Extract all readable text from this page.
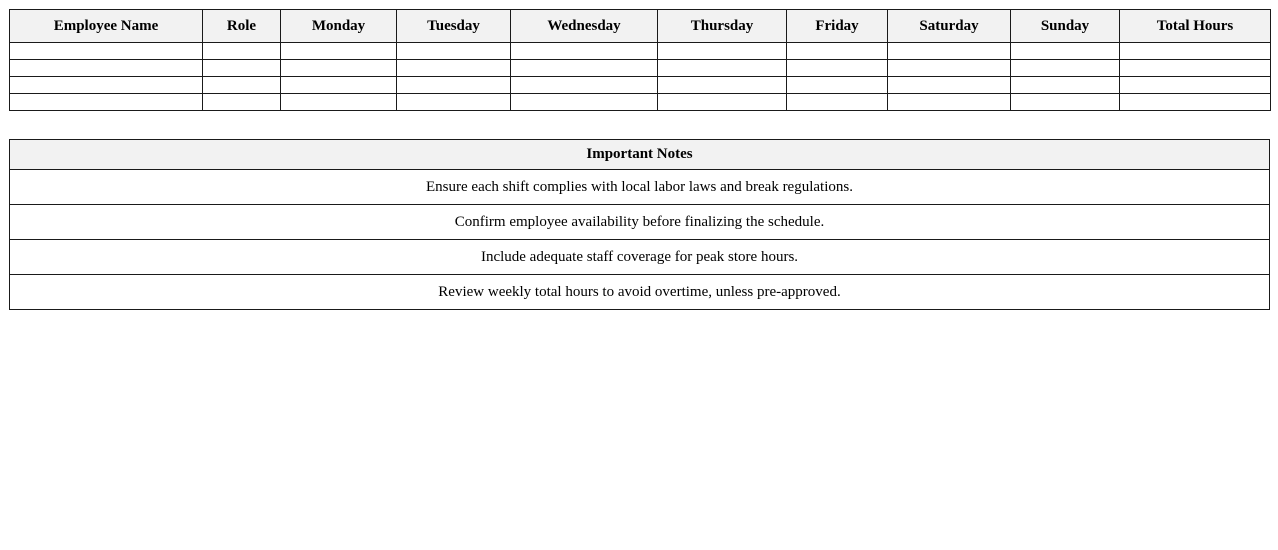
Employee Name	Role	Monday	Tuesday	Wednesday	Thursday	Friday	Saturday	Sunday	Total Hours

Important Notes
Ensure each shift complies with local labor laws and break regulations.
Confirm employee availability before finalizing the schedule.
Include adequate staff coverage for peak store hours.
Review weekly total hours to avoid overtime, unless pre-approved.
